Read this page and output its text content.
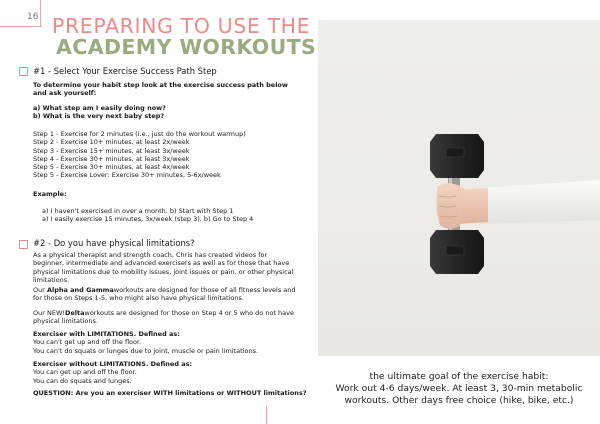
16 PREPARING TO USE THE
ACADEMY WORKOUTS
#1 - Select Your Exercise Success Path Step
To determine your habit step look at the exercise success path below
and ask yourself:
a) What step am I easily doing now?
b) What is the very next baby step?
Step 1 - Exercise for 2 minutes (i.e., just do the workout warmup)
Step 2 - Exercise 10+ minutes, at least 2x/week
Step 3 - Exercise 15+ minutes, at least 3x/week
Step 4 - Exercise 30+ minutes, at least 3x/week
Step 5 - Exercise 30+ minutes, at least 4x/week
Step 5 - Exercise Lover: Exercise 30+ minutes, 5-6x/week
Example:
a) I haven't exercised in over a month. b) Start with Step 1
a) I easily exercise 15 minutes, 3x/week (step 3), b) Go to Step 4
#2 - Do you have physical limitations?
As a physical therapist and strength coach, Chris has created videos for
beginner, intermediate and advanced exercisers as well as for those that have
physical limitations due to mobility issues, joint issues or pain, or other physical
limitations.
Our Alpha and Gammaworkouts are designed for those of all fitness levels and
for those on Steps 1-5, who might also have physical limitations.
Our NEW!Deltaworkouts are designed for those on Step 4 or 5 who do not have
physical limitations.
Exerciser with LIMITATIONS. Defined as:
You can't get up and off the floor.
You can't do squats or lunges due to joint, muscle or pain limitations.
Exerciser without LIMITATIONS. Defined as:
You can get up and off the floor.
You can do squats and lunges.
QUESTION: Are you an exerciser WITH limitations or WITHOUT limitations?
the ultimate goal of the exercise habit:
Work out 4-6 days/week. At least 3, 30-min metabolic
workouts. Other days free choice (hike, bike, etc.)
